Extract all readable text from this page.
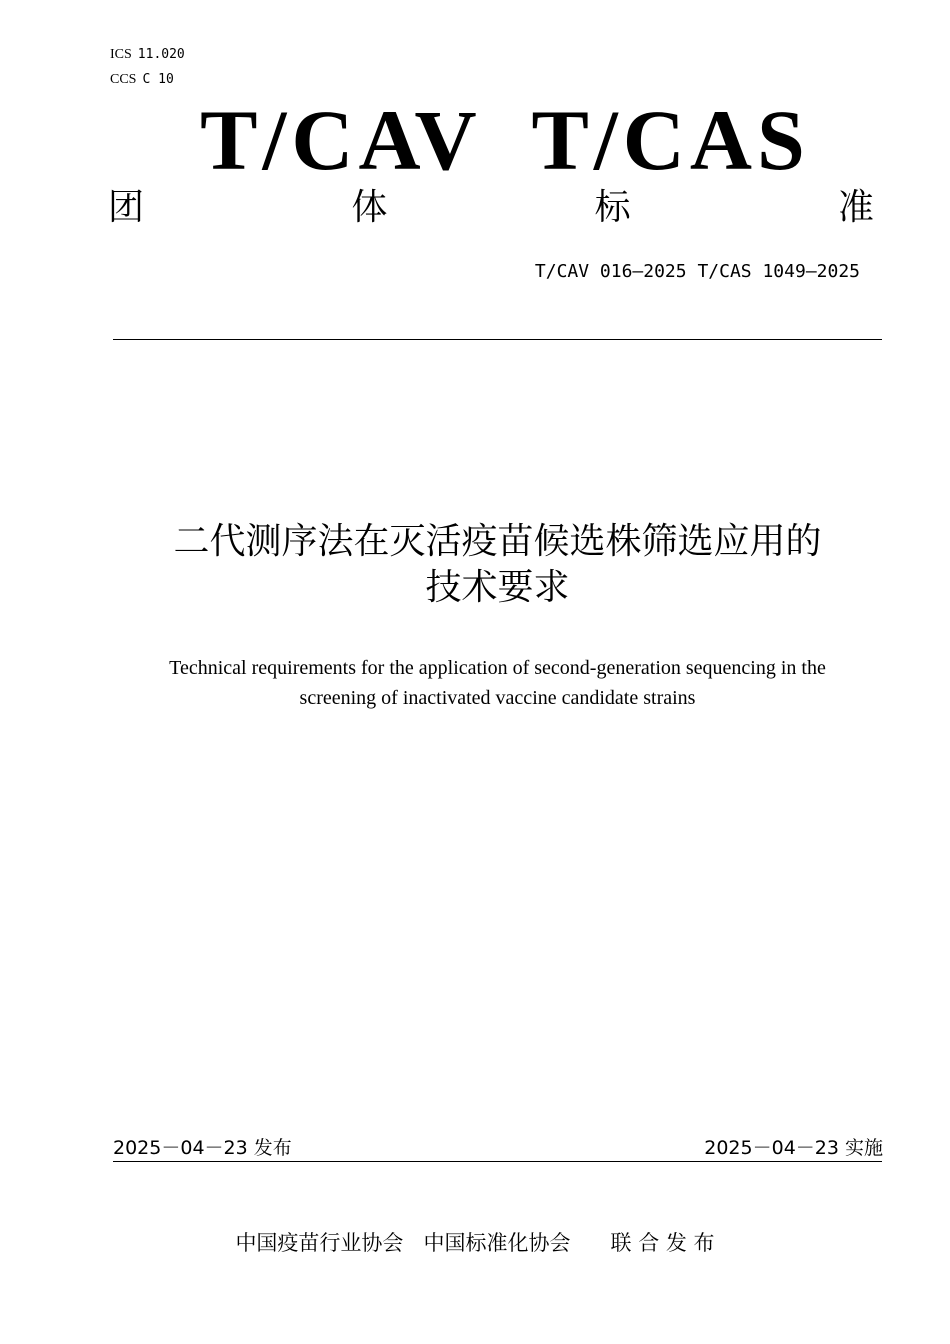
ICS 11.020
CCS C 10
T/CAV  T/CAS
团	体	标	准
T/CAV 016—2025 T/CAS 1049—2025
二代测序法在灭活疫苗候选株筛选应用的
技术要求
Technical requirements for the application of second-generation sequencing in the
screening of inactivated vaccine candidate strains
2025－04－23 发布	2025－04－23 实施
中国疫苗行业协会 中国标准化协会 联 合 发 布
